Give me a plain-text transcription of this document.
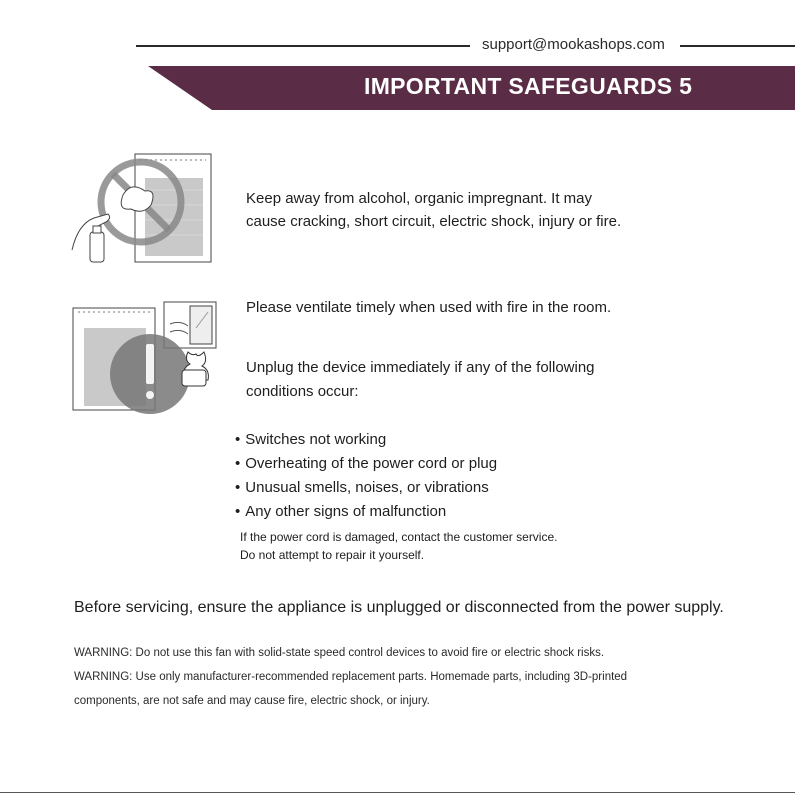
support@mookashops.com
IMPORTANT SAFEGUARDS 5
Keep away from alcohol, organic impregnant. It may
cause cracking, short circuit, electric shock, injury or fire.
Please ventilate timely when used with fire in the room.
Unplug the device immediately if any of the following
conditions occur:
• Switches not working
• Overheating of the power cord or plug
• Unusual smells, noises, or vibrations
• Any other signs of malfunction
If the power cord is damaged, contact the customer service.
Do not attempt to repair it yourself.
Before servicing, ensure the appliance is unplugged or disconnected from the power supply.
WARNING: Do not use this fan with solid-state speed control devices to avoid fire or electric shock risks.
WARNING: Use only manufacturer-recommended replacement parts. Homemade parts, including 3D-printed
components, are not safe and may cause fire, electric shock, or injury.
